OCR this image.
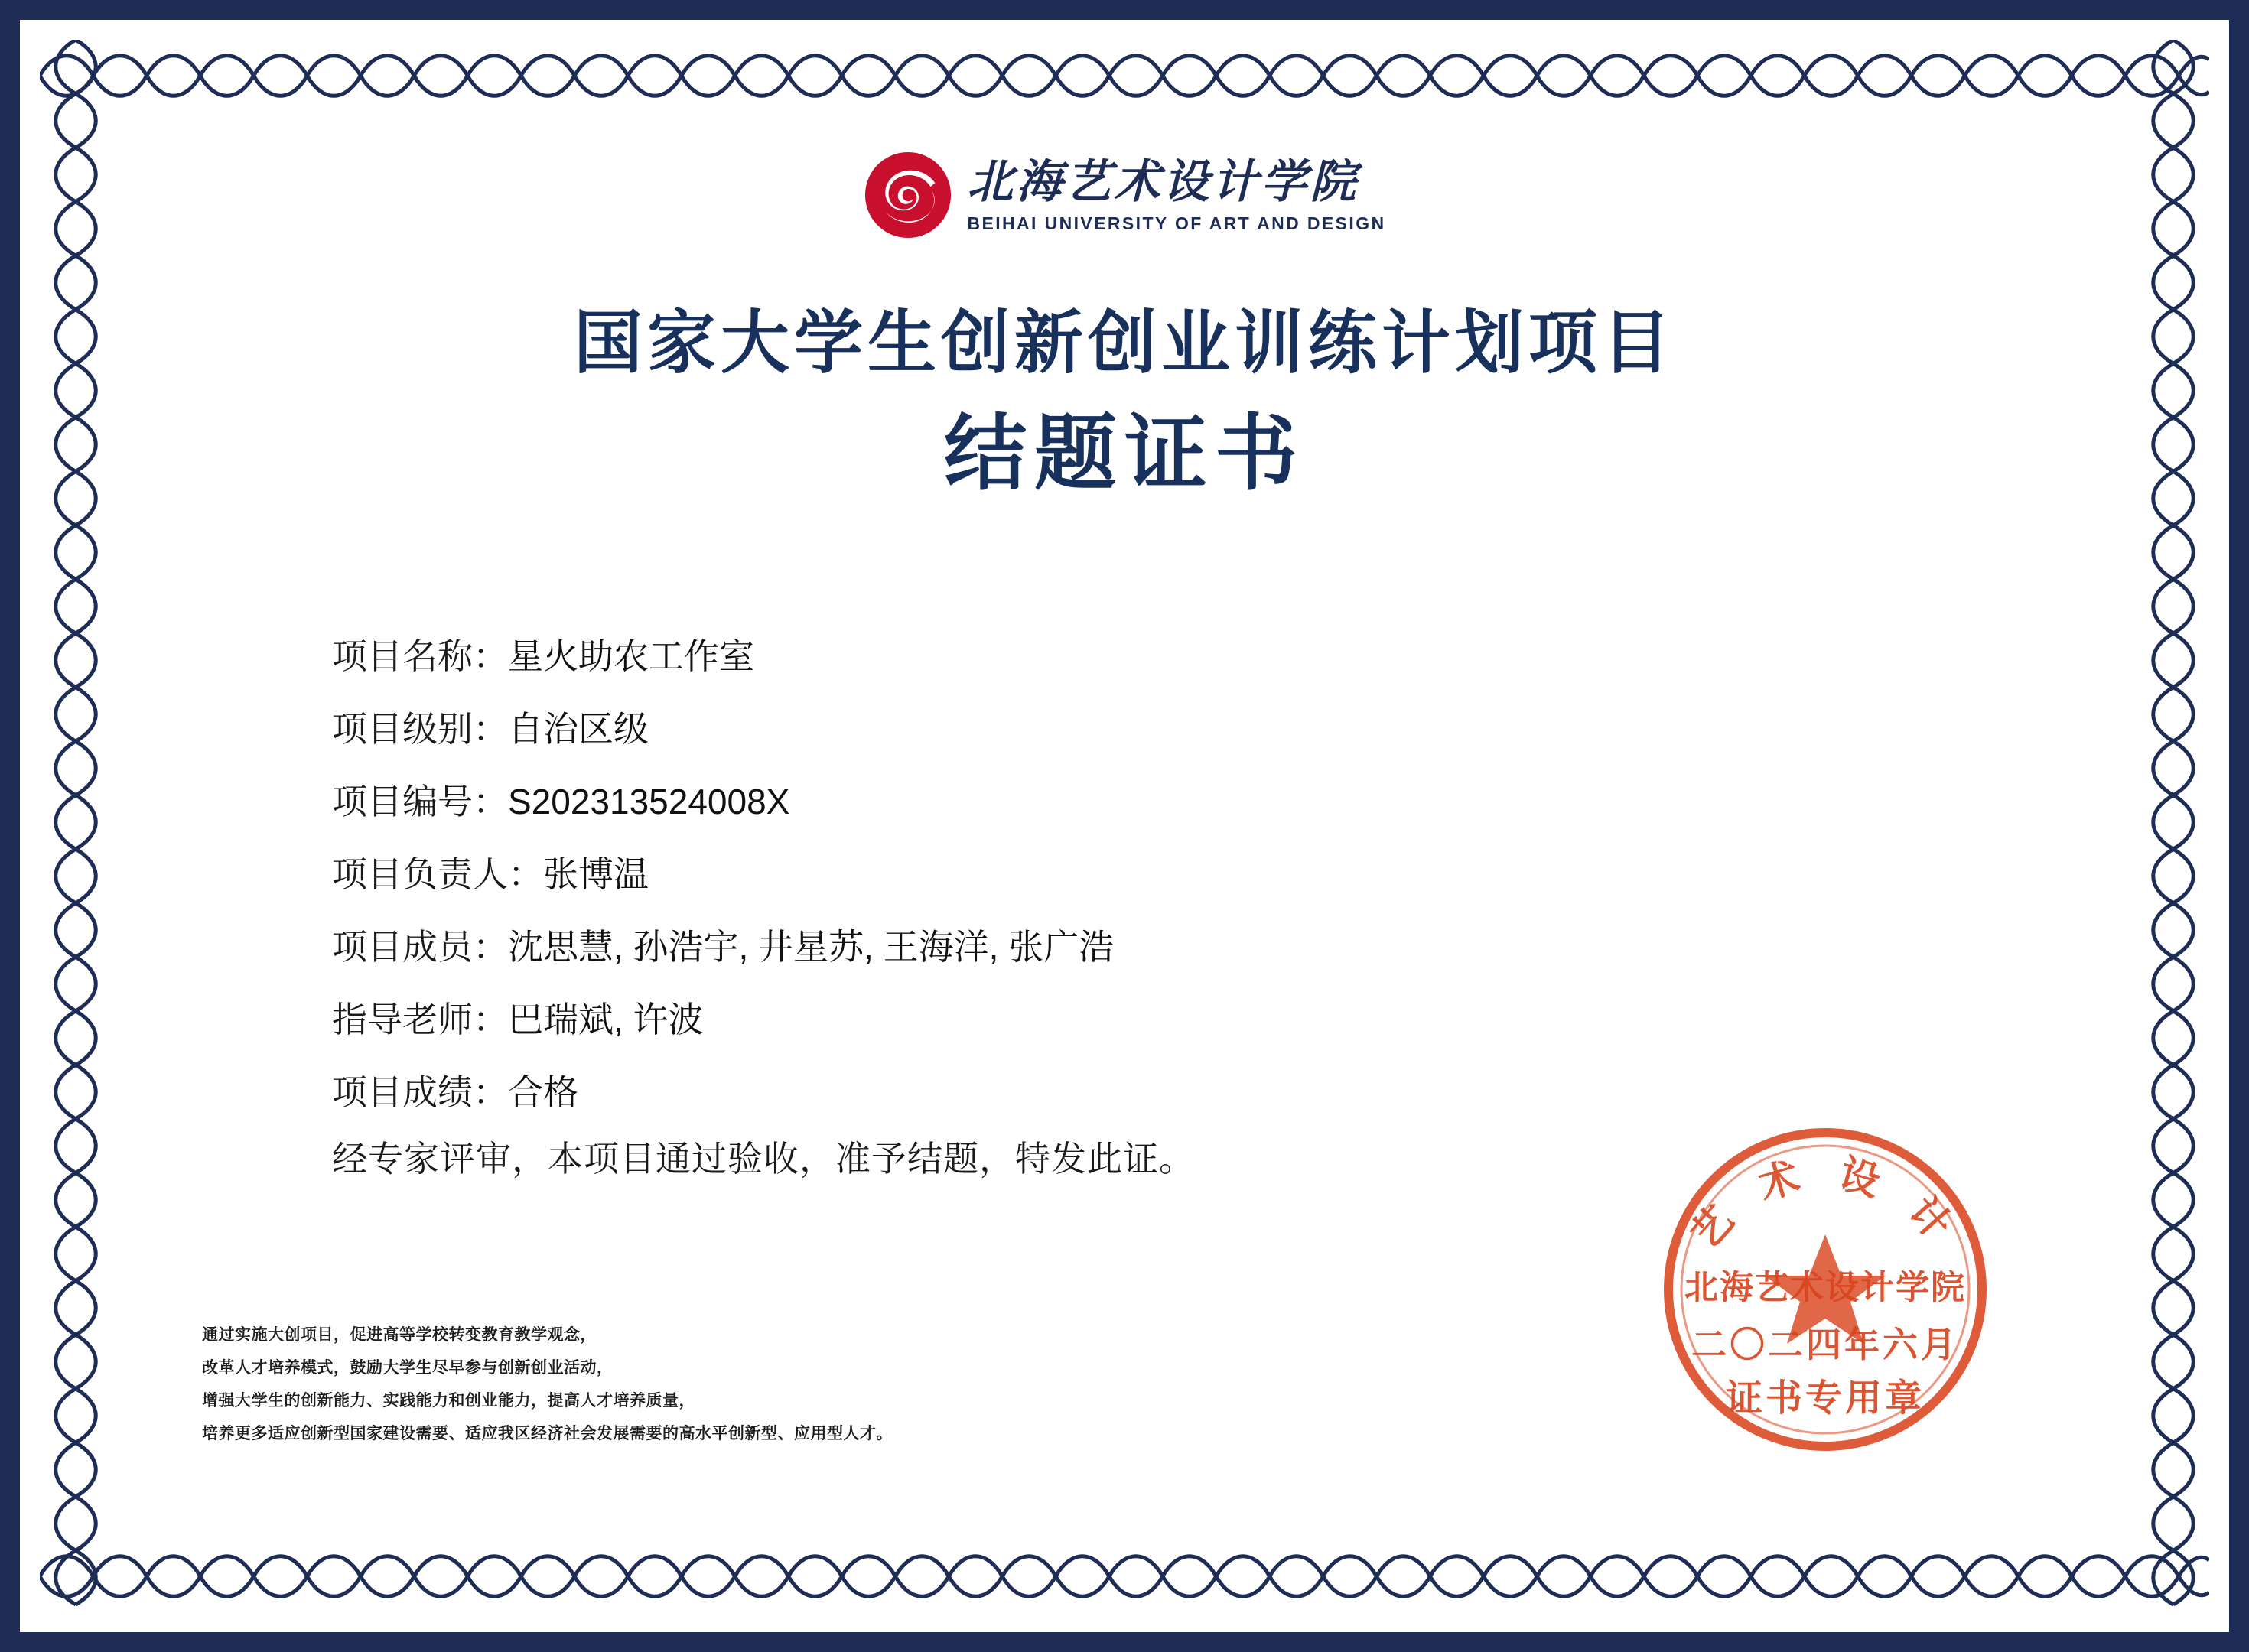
北海艺术设计学院
BEIHAI UNIVERSITY OF ART AND DESIGN
国家大学生创新创业训练计划项目
结题证书
项目名称： 星火助农工作室
项目级别： 自治区级
项目编号： S202313524008X
项目负责人： 张博温
项目成员： 沈思慧, 孙浩宇, 井星苏, 王海洋, 张广浩
指导老师： 巴瑞斌, 许波
项目成绩： 合格
经专家评审，本项目通过验收，准予结题，特发此证。
通过实施大创项目，促进高等学校转变教育教学观念，
改革人才培养模式，鼓励大学生尽早参与创新创业活动，
增强大学生的创新能力、实践能力和创业能力，提高人才培养质量，
培养更多适应创新型国家建设需要、适应我区经济社会发展需要的高水平创新型、应用型人才。
艺 术 设 计
北海艺术设计学院
二〇二四年六月
证书专用章
